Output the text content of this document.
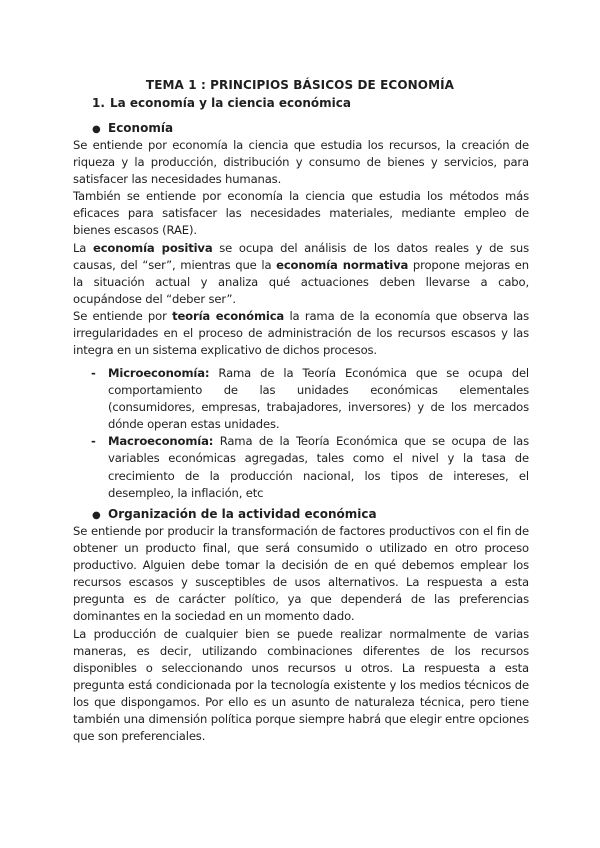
TEMA 1 : PRINCIPIOS BÁSICOS DE ECONOMÍA
1. La economía y la ciencia económica
● Economía

Se entiende por economía la ciencia que estudia los recursos, la creación de riqueza y la producción, distribución y consumo de bienes y servicios, para satisfacer las necesidades humanas.

También se entiende por economía la ciencia que estudia los métodos más eficaces para satisfacer las necesidades materiales, mediante empleo de bienes escasos (RAE).

La economía positiva se ocupa del análisis de los datos reales y de sus causas, del “ser”, mientras que la economía normativa propone mejoras en la situación actual y analiza qué actuaciones deben llevarse a cabo, ocupándose del “deber ser”.

Se entiende por teoría económica la rama de la economía que observa las irregularidades en el proceso de administración de los recursos escasos y las integra en un sistema explicativo de dichos procesos.

- Microeconomía: Rama de la Teoría Económica que se ocupa del comportamiento de las unidades económicas elementales (consumidores, empresas, trabajadores, inversores) y de los mercados dónde operan estas unidades.

- Macroeconomía: Rama de la Teoría Económica que se ocupa de las variables económicas agregadas, tales como el nivel y la tasa de crecimiento de la producción nacional, los tipos de intereses, el desempleo, la inflación, etc

● Organización de la actividad económica

Se entiende por producir la transformación de factores productivos con el fin de obtener un producto final, que será consumido o utilizado en otro proceso productivo. Alguien debe tomar la decisión de en qué debemos emplear los recursos escasos y susceptibles de usos alternativos. La respuesta a esta pregunta es de carácter político, ya que dependerá de las preferencias dominantes en la sociedad en un momento dado.

La producción de cualquier bien se puede realizar normalmente de varias maneras, es decir, utilizando combinaciones diferentes de los recursos disponibles o seleccionando unos recursos u otros. La respuesta a esta pregunta está condicionada por la tecnología existente y los medios técnicos de los que dispongamos. Por ello es un asunto de naturaleza técnica, pero tiene también una dimensión política porque siempre habrá que elegir entre opciones que son preferenciales.
